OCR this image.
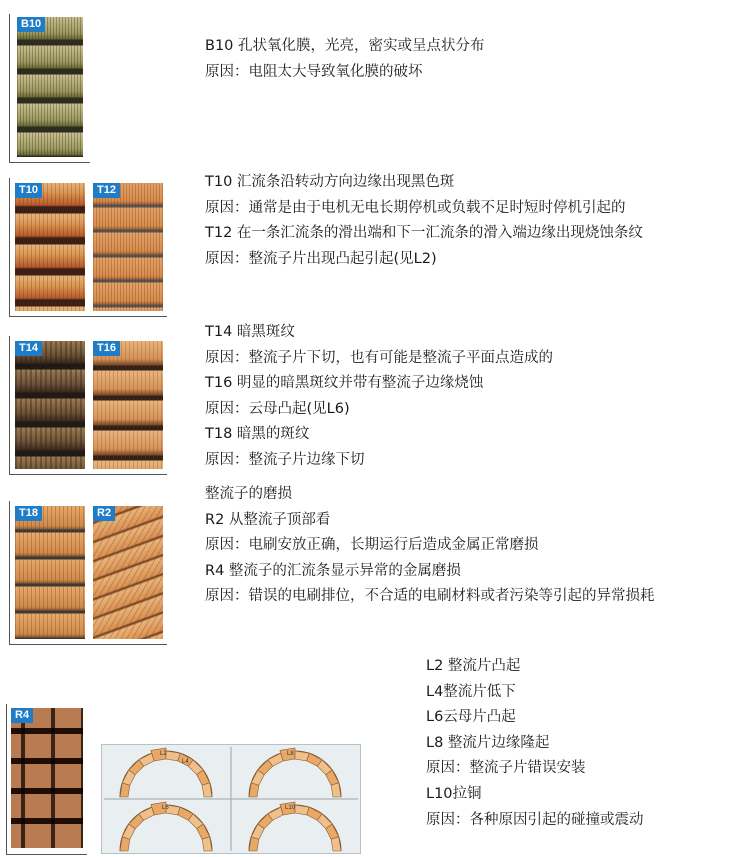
B10
B10 孔状氧化膜，光亮，密实或呈点状分布
原因：电阻太大导致氧化膜的破坏
T10	T12	T10 汇流条沿转动方向边缘出现黑色斑
原因：通常是由于电机无电长期停机或负载不足时短时停机引起的
T12 在一条汇流条的滑出端和下一汇流条的滑入端边缘出现烧蚀条纹
原因：整流子片出现凸起引起(见L2)
T14	T16
T14 暗黑斑纹
原因：整流子片下切，也有可能是整流子平面点造成的
T16 明显的暗黑斑纹并带有整流子边缘烧蚀
原因：云母凸起(见L6)
T18 暗黑的斑纹
原因：整流子片边缘下切
T18	R2
整流子的磨损
R2 从整流子顶部看
原因：电刷安放正确，长期运行后造成金属正常磨损
R4 整流子的汇流条显示异常的金属磨损
原因：错误的电刷排位，不合适的电刷材料或者污染等引起的异常损耗
R4
L2
L4
L8
L6	L10
L2 整流片凸起
L4整流片低下
L6云母片凸起
L8 整流片边缘隆起
原因：整流子片错误安装
L10拉铜
原因：各种原因引起的碰撞或震动
